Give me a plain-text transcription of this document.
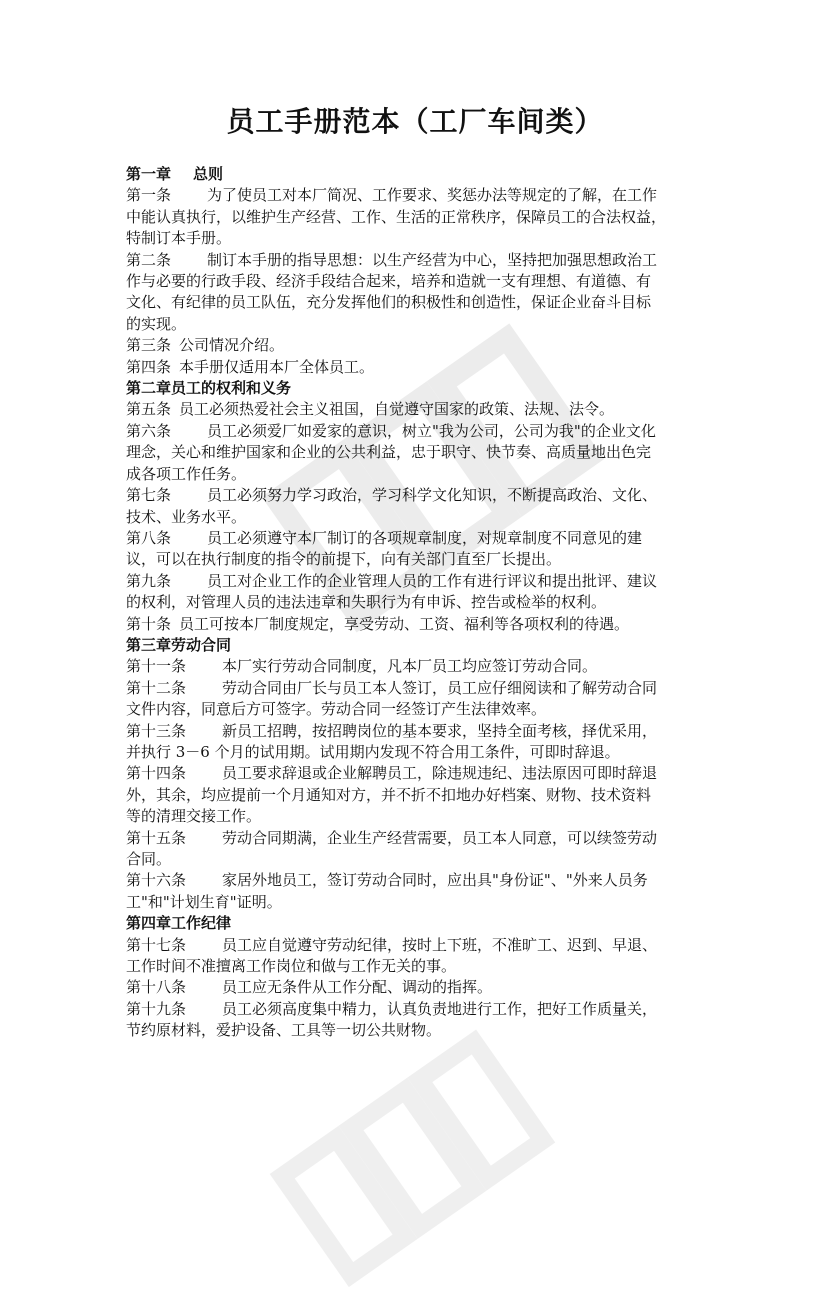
员工手册范本（工厂车间类）
第一章 总则
第一条 为了使员工对本厂简况、工作要求、奖惩办法等规定的了解，在工作
中能认真执行，以维护生产经营、工作、生活的正常秩序，保障员工的合法权益，
特制订本手册。
第二条 制订本手册的指导思想：以生产经营为中心，坚持把加强思想政治工
作与必要的行政手段、经济手段结合起来，培养和造就一支有理想、有道德、有
文化、有纪律的员工队伍，充分发挥他们的积极性和创造性，保证企业奋斗目标
的实现。
第三条 公司情况介绍。
第四条 本手册仅适用本厂全体员工。
第二章员工的权利和义务
第五条 员工必须热爱社会主义祖国，自觉遵守国家的政策、法规、法令。
第六条 员工必须爱厂如爱家的意识，树立"我为公司，公司为我"的企业文化
理念，关心和维护国家和企业的公共利益，忠于职守、快节奏、高质量地出色完
成各项工作任务。
第七条 员工必须努力学习政治，学习科学文化知识，不断提高政治、文化、
技术、业务水平。
第八条 员工必须遵守本厂制订的各项规章制度，对规章制度不同意见的建
议，可以在执行制度的指令的前提下，向有关部门直至厂长提出。
第九条 员工对企业工作的企业管理人员的工作有进行评议和提出批评、建议
的权利，对管理人员的违法违章和失职行为有申诉、控告或检举的权利。
第十条 员工可按本厂制度规定，享受劳动、工资、福利等各项权利的待遇。
第三章劳动合同
第十一条 本厂实行劳动合同制度，凡本厂员工均应签订劳动合同。
第十二条 劳动合同由厂长与员工本人签订，员工应仔细阅读和了解劳动合同
文件内容，同意后方可签字。劳动合同一经签订产生法律效率。
第十三条 新员工招聘，按招聘岗位的基本要求，坚持全面考核，择优采用，
并执行 3－6 个月的试用期。试用期内发现不符合用工条件，可即时辞退。
第十四条 员工要求辞退或企业解聘员工，除违规违纪、违法原因可即时辞退
外，其余，均应提前一个月通知对方，并不折不扣地办好档案、财物、技术资料
等的清理交接工作。
第十五条 劳动合同期满，企业生产经营需要，员工本人同意，可以续签劳动
合同。
第十六条 家居外地员工，签订劳动合同时，应出具"身份证"、"外来人员务
工"和"计划生育"证明。
第四章工作纪律
第十七条 员工应自觉遵守劳动纪律，按时上下班，不准旷工、迟到、早退、
工作时间不准擅离工作岗位和做与工作无关的事。
第十八条 员工应无条件从工作分配、调动的指挥。
第十九条 员工必须高度集中精力，认真负责地进行工作，把好工作质量关，
节约原材料，爱护设备、工具等一切公共财物。
